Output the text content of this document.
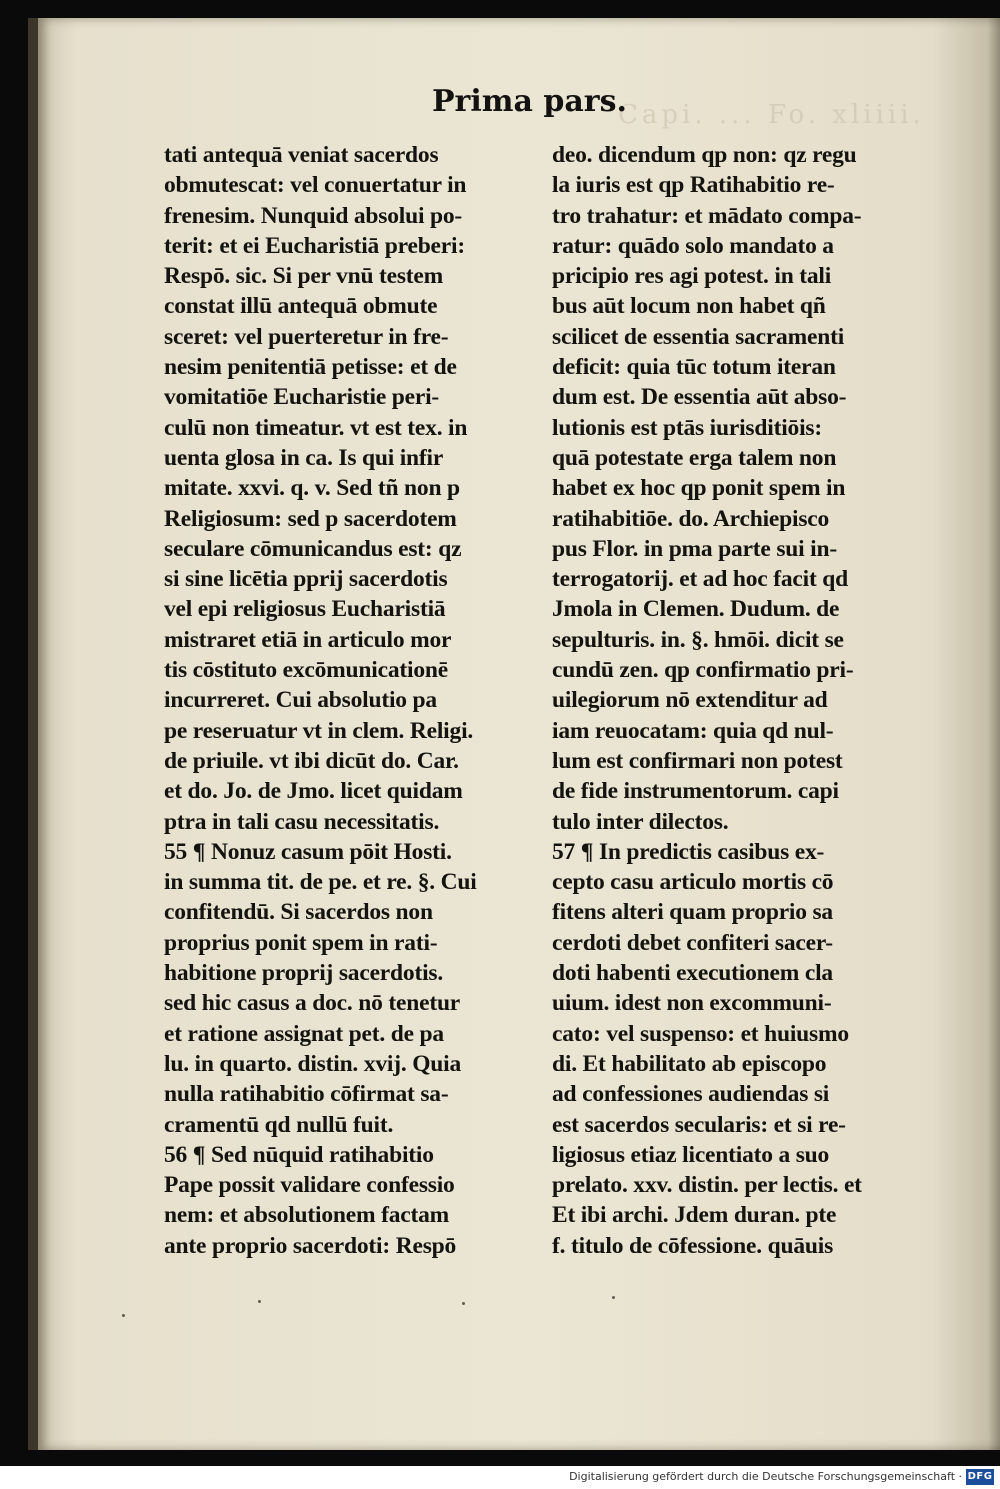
Capi. ... Fo. xliiii.
Prima pars.
tati antequā veniat sacerdos
obmutescat: vel conuertatur in
frenesim. Nunquid absolui po-
terit: et ei Eucharistiā preberi:
Respō. sic. Si per vnū testem
constat illū antequā obmute
sceret: vel puerteretur in fre-
nesim penitentiā petisse: et de
vomitatiōe Eucharistie peri-
culū non timeatur. vt est tex. in
uenta glosa in ca. Is qui infir
mitate. xxvi. q. v. Sed tñ non p
Religiosum: sed p sacerdotem
seculare cōmunicandus est: qz
si sine licētia pprij sacerdotis
vel epi religiosus Eucharistiā
mistraret etiā in articulo mor
tis cōstituto excōmunicationē
incurreret. Cui absolutio pa
pe reseruatur vt in clem. Religi.
de priuile. vt ibi dicūt do. Car.
et do. Jo. de Jmo. licet quidam
ptra in tali casu necessitatis.
55 ¶ Nonuz casum pōit Hosti.
in summa tit. de pe. et re. §. Cui
confitendū. Si sacerdos non
proprius ponit spem in rati-
habitione proprij sacerdotis.
sed hic casus a doc. nō tenetur
et ratione assignat pet. de pa
lu. in quarto. distin. xvij. Quia
nulla ratihabitio cōfirmat sa-
cramentū qd nullū fuit.
56 ¶ Sed nūquid ratihabitio
Pape possit validare confessio
nem: et absolutionem factam
ante proprio sacerdoti: Respō
deo. dicendum qp non: qz regu
la iuris est qp Ratihabitio re-
tro trahatur: et mādato compa-
ratur: quādo solo mandato a
pricipio res agi potest. in tali
bus aūt locum non habet qñ
scilicet de essentia sacramenti
deficit: quia tūc totum iteran
dum est. De essentia aūt abso-
lutionis est ptās iurisditiōis:
quā potestate erga talem non
habet ex hoc qp ponit spem in
ratihabitiōe. do. Archiepisco
pus Flor. in pma parte sui in-
terrogatorij. et ad hoc facit qd
Jmola in Clemen. Dudum. de
sepulturis. in. §. hmōi. dicit se
cundū zen. qp confirmatio pri-
uilegiorum nō extenditur ad
iam reuocatam: quia qd nul-
lum est confirmari non potest
de fide instrumentorum. capi
tulo inter dilectos.
57 ¶ In predictis casibus ex-
cepto casu articulo mortis cō
fitens alteri quam proprio sa
cerdoti debet confiteri sacer-
doti habenti executionem cla
uium. idest non excommuni-
cato: vel suspenso: et huiusmo
di. Et habilitato ab episcopo
ad confessiones audiendas si
est sacerdos secularis: et si re-
ligiosus etiaz licentiato a suo
prelato. xxv. distin. per lectis. et
Et ibi archi. Jdem duran. pte
f. titulo de cōfessione. quāuis
Digitalisierung gefördert durch die Deutsche Forschungsgemeinschaft · DFG
